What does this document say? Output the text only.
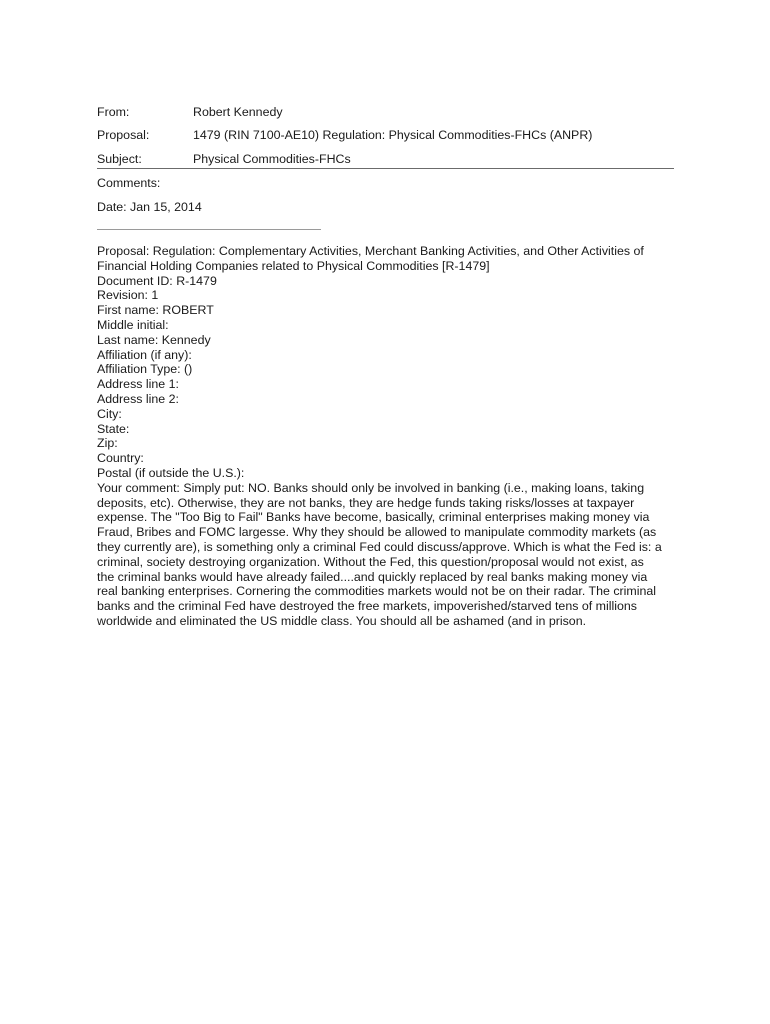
From:	Robert Kennedy
Proposal:	1479 (RIN 7100-AE10) Regulation: Physical Commodities-FHCs (ANPR)
Subject:	Physical Commodities-FHCs
Comments:
Date: Jan 15, 2014
Proposal: Regulation: Complementary Activities, Merchant Banking Activities, and Other Activities of
Financial Holding Companies related to Physical Commodities [R-1479]
Document ID: R-1479
Revision: 1
First name: ROBERT
Middle initial:
Last name: Kennedy
Affiliation (if any):
Affiliation Type: ()
Address line 1:
Address line 2:
City:
State:
Zip:
Country:
Postal (if outside the U.S.):
Your comment: Simply put: NO. Banks should only be involved in banking (i.e., making loans, taking
deposits, etc). Otherwise, they are not banks, they are hedge funds taking risks/losses at taxpayer
expense. The "Too Big to Fail" Banks have become, basically, criminal enterprises making money via
Fraud, Bribes and FOMC largesse. Why they should be allowed to manipulate commodity markets (as
they currently are), is something only a criminal Fed could discuss/approve. Which is what the Fed is: a
criminal, society destroying organization. Without the Fed, this question/proposal would not exist, as
the criminal banks would have already failed....and quickly replaced by real banks making money via
real banking enterprises. Cornering the commodities markets would not be on their radar. The criminal
banks and the criminal Fed have destroyed the free markets, impoverished/starved tens of millions
worldwide and eliminated the US middle class. You should all be ashamed (and in prison.
